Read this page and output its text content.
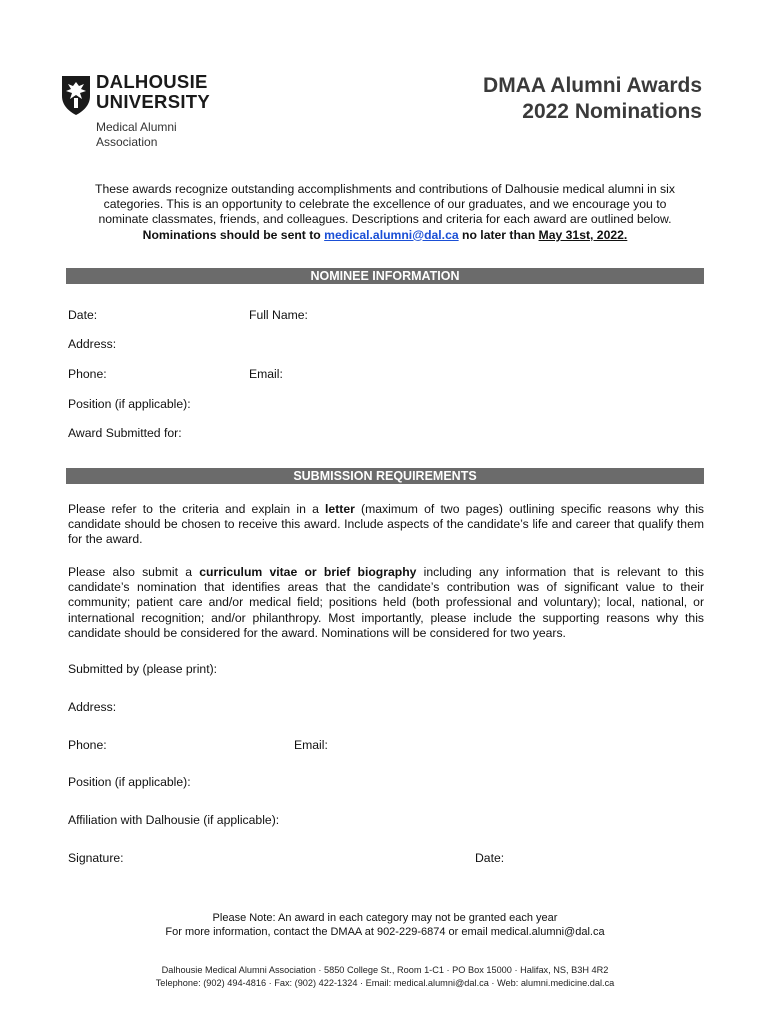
DALHOUSIE
UNIVERSITY
Medical Alumni
Association
DMAA Alumni Awards
2022 Nominations
These awards recognize outstanding accomplishments and contributions of Dalhousie medical alumni in six categories. This is an opportunity to celebrate the excellence of our graduates, and we encourage you to nominate classmates, friends, and colleagues. Descriptions and criteria for each award are outlined below.
Nominations should be sent to medical.alumni@dal.ca no later than May 31st, 2022.
NOMINEE INFORMATION
Date:	Full Name:
Address:
Phone:	Email:
Position (if applicable):
Award Submitted for:
SUBMISSION REQUIREMENTS
Please refer to the criteria and explain in a letter (maximum of two pages) outlining specific reasons why this candidate should be chosen to receive this award. Include aspects of the candidate’s life and career that qualify them for the award.
Please also submit a curriculum vitae or brief biography including any information that is relevant to this candidate’s nomination that identifies areas that the candidate’s contribution was of significant value to their community; patient care and/or medical field; positions held (both professional and voluntary); local, national, or international recognition; and/or philanthropy. Most importantly, please include the supporting reasons why this candidate should be considered for the award. Nominations will be considered for two years.
Submitted by (please print):
Address:
Phone:	Email:
Position (if applicable):
Affiliation with Dalhousie (if applicable):
Signature:	Date:
Please Note: An award in each category may not be granted each year
For more information, contact the DMAA at 902-229-6874 or email medical.alumni@dal.ca
Dalhousie Medical Alumni Association · 5850 College St., Room 1-C1 · PO Box 15000 · Halifax, NS, B3H 4R2
Telephone: (902) 494-4816 · Fax: (902) 422-1324 · Email: medical.alumni@dal.ca · Web: alumni.medicine.dal.ca
